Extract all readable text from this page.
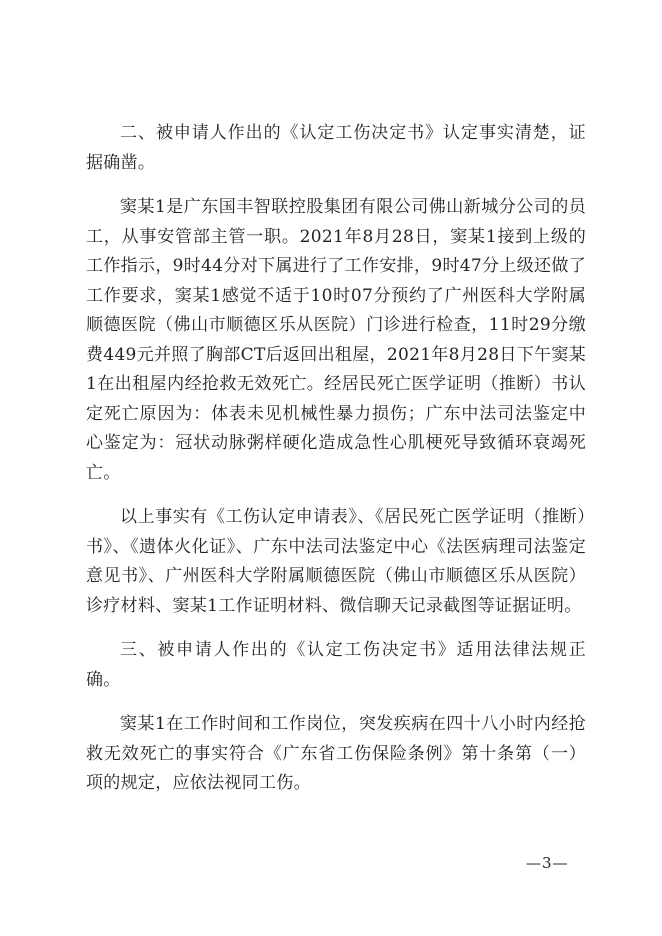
二、被申请人作出的《认定工伤决定书》认定事实清楚，证据确凿。

窦某1是广东国丰智联控股集团有限公司佛山新城分公司的员工，从事安管部主管一职。2021年8月28日，窦某1接到上级的工作指示，9时44分对下属进行了工作安排，9时47分上级还做了工作要求，窦某1感觉不适于10时07分预约了广州医科大学附属顺德医院（佛山市顺德区乐从医院）门诊进行检查，11时29分缴费449元并照了胸部CT后返回出租屋，2021年8月28日下午窦某1在出租屋内经抢救无效死亡。经居民死亡医学证明（推断）书认定死亡原因为：体表未见机械性暴力损伤；广东中法司法鉴定中心鉴定为：冠状动脉粥样硬化造成急性心肌梗死导致循环衰竭死亡。

以上事实有《工伤认定申请表》、《居民死亡医学证明（推断）书》、《遗体火化证》、广东中法司法鉴定中心《法医病理司法鉴定意见书》、广州医科大学附属顺德医院（佛山市顺德区乐从医院）诊疗材料、窦某1工作证明材料、微信聊天记录截图等证据证明。

三、被申请人作出的《认定工伤决定书》适用法律法规正确。

窦某1在工作时间和工作岗位，突发疾病在四十八小时内经抢救无效死亡的事实符合《广东省工伤保险条例》第十条第（一）项的规定，应依法视同工伤。

—3—
